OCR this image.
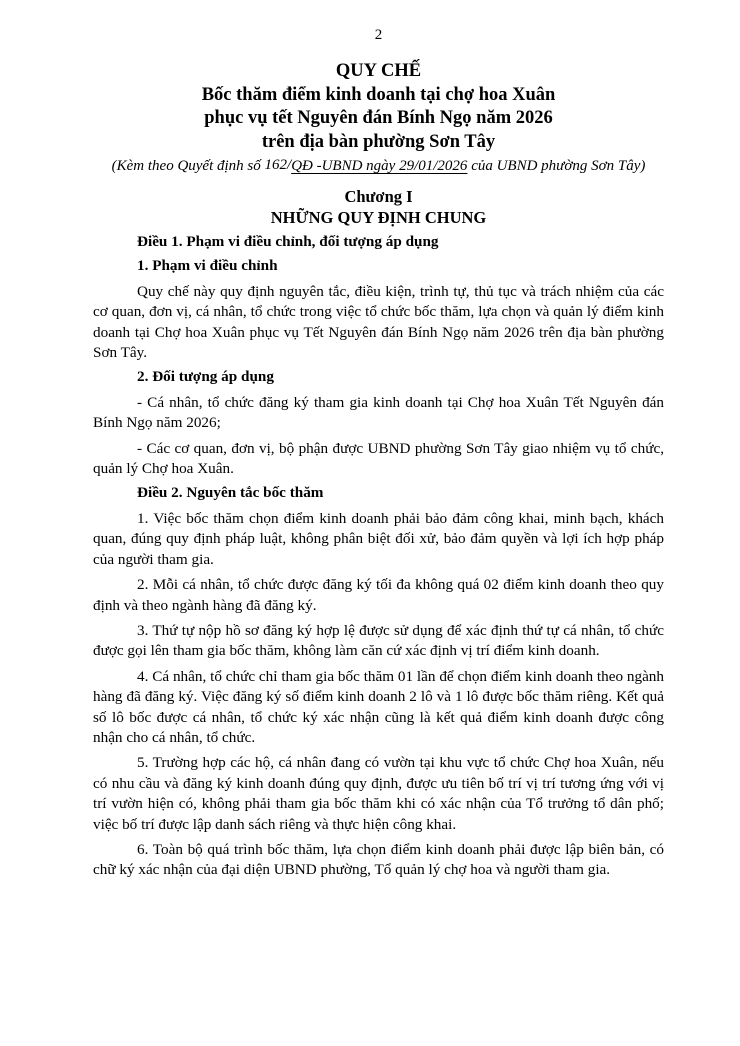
2
QUY CHẾ
Bốc thăm điểm kinh doanh tại chợ hoa Xuân
phục vụ tết Nguyên đán Bính Ngọ năm 2026
trên địa bàn phường Sơn Tây
(Kèm theo Quyết định số 162/QĐ -UBND ngày 29/01/2026 của UBND phường Sơn Tây)
Chương I
NHỮNG QUY ĐỊNH CHUNG
Điều 1. Phạm vi điều chỉnh, đối tượng áp dụng
1. Phạm vi điều chỉnh
Quy chế này quy định nguyên tắc, điều kiện, trình tự, thủ tục và trách nhiệm của các cơ quan, đơn vị, cá nhân, tổ chức trong việc tổ chức bốc thăm, lựa chọn và quản lý điểm kinh doanh tại Chợ hoa Xuân phục vụ Tết Nguyên đán Bính Ngọ năm 2026 trên địa bàn phường Sơn Tây.
2. Đối tượng áp dụng
- Cá nhân, tổ chức đăng ký tham gia kinh doanh tại Chợ hoa Xuân Tết Nguyên đán Bính Ngọ năm 2026;
- Các cơ quan, đơn vị, bộ phận được UBND phường Sơn Tây giao nhiệm vụ tổ chức, quản lý Chợ hoa Xuân.
Điều 2. Nguyên tắc bốc thăm
1. Việc bốc thăm chọn điểm kinh doanh phải bảo đảm công khai, minh bạch, khách quan, đúng quy định pháp luật, không phân biệt đối xử, bảo đảm quyền và lợi ích hợp pháp của người tham gia.
2. Mỗi cá nhân, tổ chức được đăng ký tối đa không quá 02 điểm kinh doanh theo quy định và theo ngành hàng đã đăng ký.
3. Thứ tự nộp hồ sơ đăng ký hợp lệ được sử dụng để xác định thứ tự cá nhân, tổ chức được gọi lên tham gia bốc thăm, không làm căn cứ xác định vị trí điểm kinh doanh.
4. Cá nhân, tổ chức chỉ tham gia bốc thăm 01 lần để chọn điểm kinh doanh theo ngành hàng đã đăng ký. Việc đăng ký số điểm kinh doanh 2 lô và 1 lô được bốc thăm riêng. Kết quả số lô bốc được cá nhân, tổ chức ký xác nhận cũng là kết quả điểm kinh doanh được công nhận cho cá nhân, tổ chức.
5. Trường hợp các hộ, cá nhân đang có vườn tại khu vực tổ chức Chợ hoa Xuân, nếu có nhu cầu và đăng ký kinh doanh đúng quy định, được ưu tiên bố trí vị trí tương ứng với vị trí vườn hiện có, không phải tham gia bốc thăm khi có xác nhận của Tổ trưởng tổ dân phố; việc bố trí được lập danh sách riêng và thực hiện công khai.
6. Toàn bộ quá trình bốc thăm, lựa chọn điểm kinh doanh phải được lập biên bản, có chữ ký xác nhận của đại diện UBND phường, Tổ quản lý chợ hoa và người tham gia.
